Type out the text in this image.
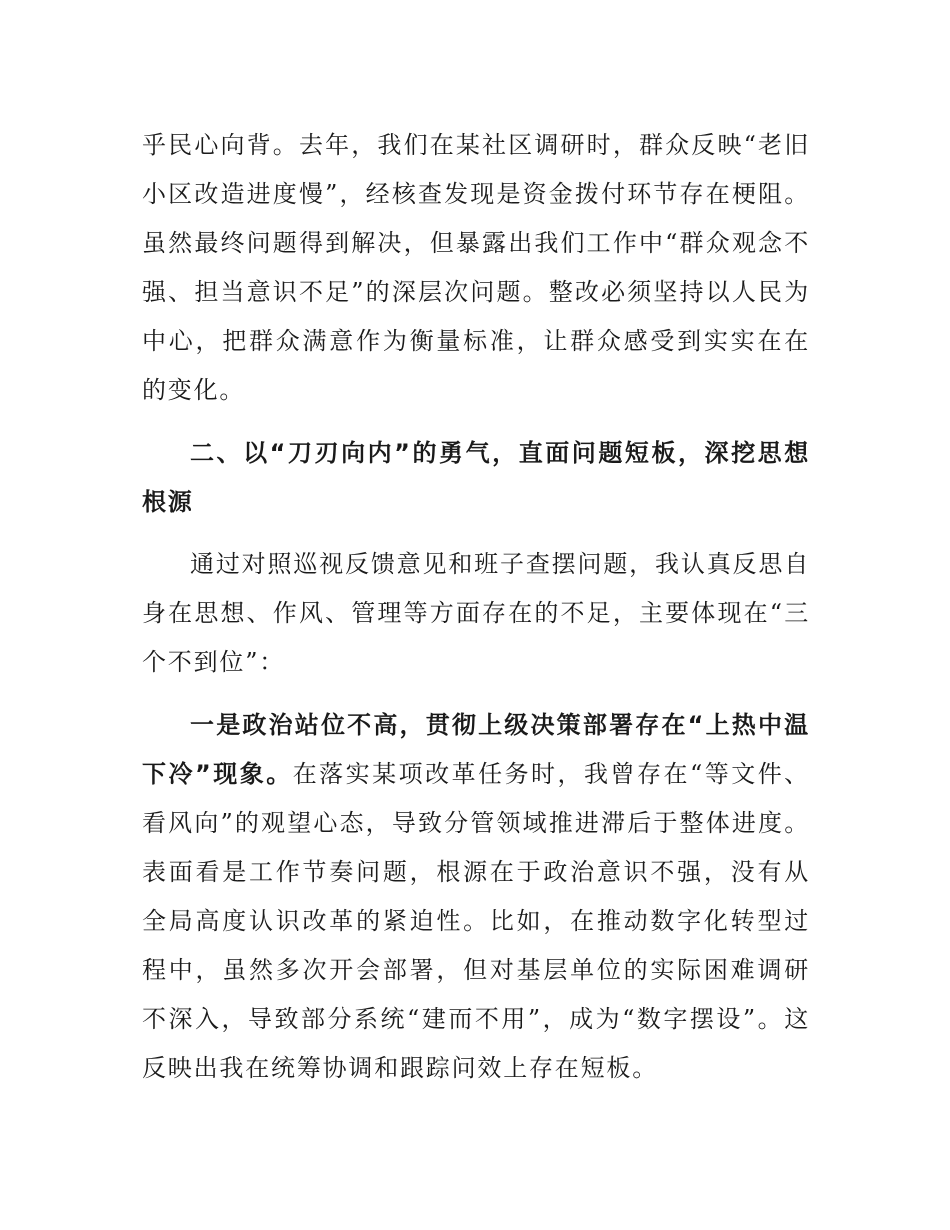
乎民心向背。去年，我们在某社区调研时，群众反映“老旧小区改造进度慢”，经核查发现是资金拨付环节存在梗阻。虽然最终问题得到解决，但暴露出我们工作中“群众观念不强、担当意识不足”的深层次问题。整改必须坚持以人民为中心，把群众满意作为衡量标准，让群众感受到实实在在的变化。

二、以“刀刃向内”的勇气，直面问题短板，深挖思想根源

通过对照巡视反馈意见和班子查摆问题，我认真反思自身在思想、作风、管理等方面存在的不足，主要体现在“三个不到位”：

一是政治站位不高，贯彻上级决策部署存在“上热中温下冷”现象。在落实某项改革任务时，我曾存在“等文件、看风向”的观望心态，导致分管领域推进滞后于整体进度。表面看是工作节奏问题，根源在于政治意识不强，没有从全局高度认识改革的紧迫性。比如，在推动数字化转型过程中，虽然多次开会部署，但对基层单位的实际困难调研不深入，导致部分系统“建而不用”，成为“数字摆设”。这反映出我在统筹协调和跟踪问效上存在短板。
